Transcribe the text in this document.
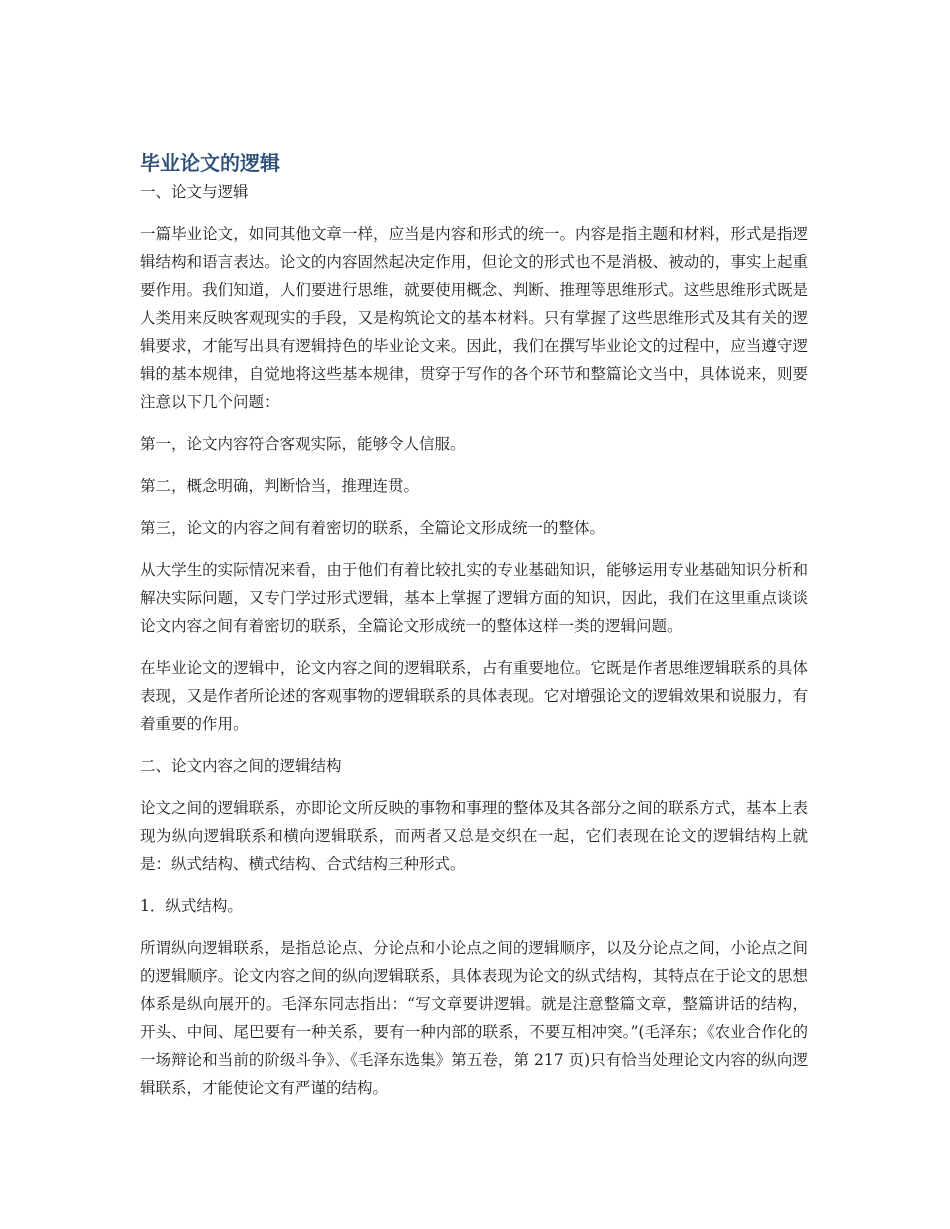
毕业论文的逻辑

一、论文与逻辑

一篇毕业论文，如同其他文章一样，应当是内容和形式的统一。内容是指主题和材料，形式是指逻辑结构和语言表达。论文的内容固然起决定作用，但论文的形式也不是消极、被动的，事实上起重要作用。我们知道，人们要进行思维，就要使用概念、判断、推理等思维形式。这些思维形式既是人类用来反映客观现实的手段，又是构筑论文的基本材料。只有掌握了这些思维形式及其有关的逻辑要求，才能写出具有逻辑持色的毕业论文来。因此，我们在撰写毕业论文的过程中，应当遵守逻辑的基本规律，自觉地将这些基本规律，贯穿于写作的各个环节和整篇论文当中，具体说来，则要注意以下几个问题：

第一，论文内容符合客观实际，能够令人信服。

第二，概念明确，判断恰当，推理连贯。

第三，论文的内容之间有着密切的联系，全篇论文形成统一的整体。

从大学生的实际情况来看，由于他们有着比较扎实的专业基础知识，能够运用专业基础知识分析和解决实际问题，又专门学过形式逻辑，基本上掌握了逻辑方面的知识，因此，我们在这里重点谈谈论文内容之间有着密切的联系，全篇论文形成统一的整体这样一类的逻辑问题。

在毕业论文的逻辑中，论文内容之间的逻辑联系，占有重要地位。它既是作者思维逻辑联系的具体表现，又是作者所论述的客观事物的逻辑联系的具体表现。它对增强论文的逻辑效果和说服力，有着重要的作用。

二、论文内容之间的逻辑结构

论文之间的逻辑联系，亦即论文所反映的事物和事理的整体及其各部分之间的联系方式，基本上表现为纵向逻辑联系和横向逻辑联系，而两者又总是交织在一起，它们表现在论文的逻辑结构上就是：纵式结构、横式结构、合式结构三种形式。

1．纵式结构。

所谓纵向逻辑联系，是指总论点、分论点和小论点之间的逻辑顺序，以及分论点之间，小论点之间的逻辑顺序。论文内容之间的纵向逻辑联系，具体表现为论文的纵式结构，其特点在于论文的思想体系是纵向展开的。毛泽东同志指出：“写文章要讲逻辑。就是注意整篇文章，整篇讲话的结构，开头、中间、尾巴要有一种关系，要有一种内部的联系，不要互相冲突。”(毛泽东；《农业合作化的一场辩论和当前的阶级斗争》、《毛泽东选集》第五卷，第 217 页)只有恰当处理论文内容的纵向逻辑联系，才能使论文有严谨的结构。
